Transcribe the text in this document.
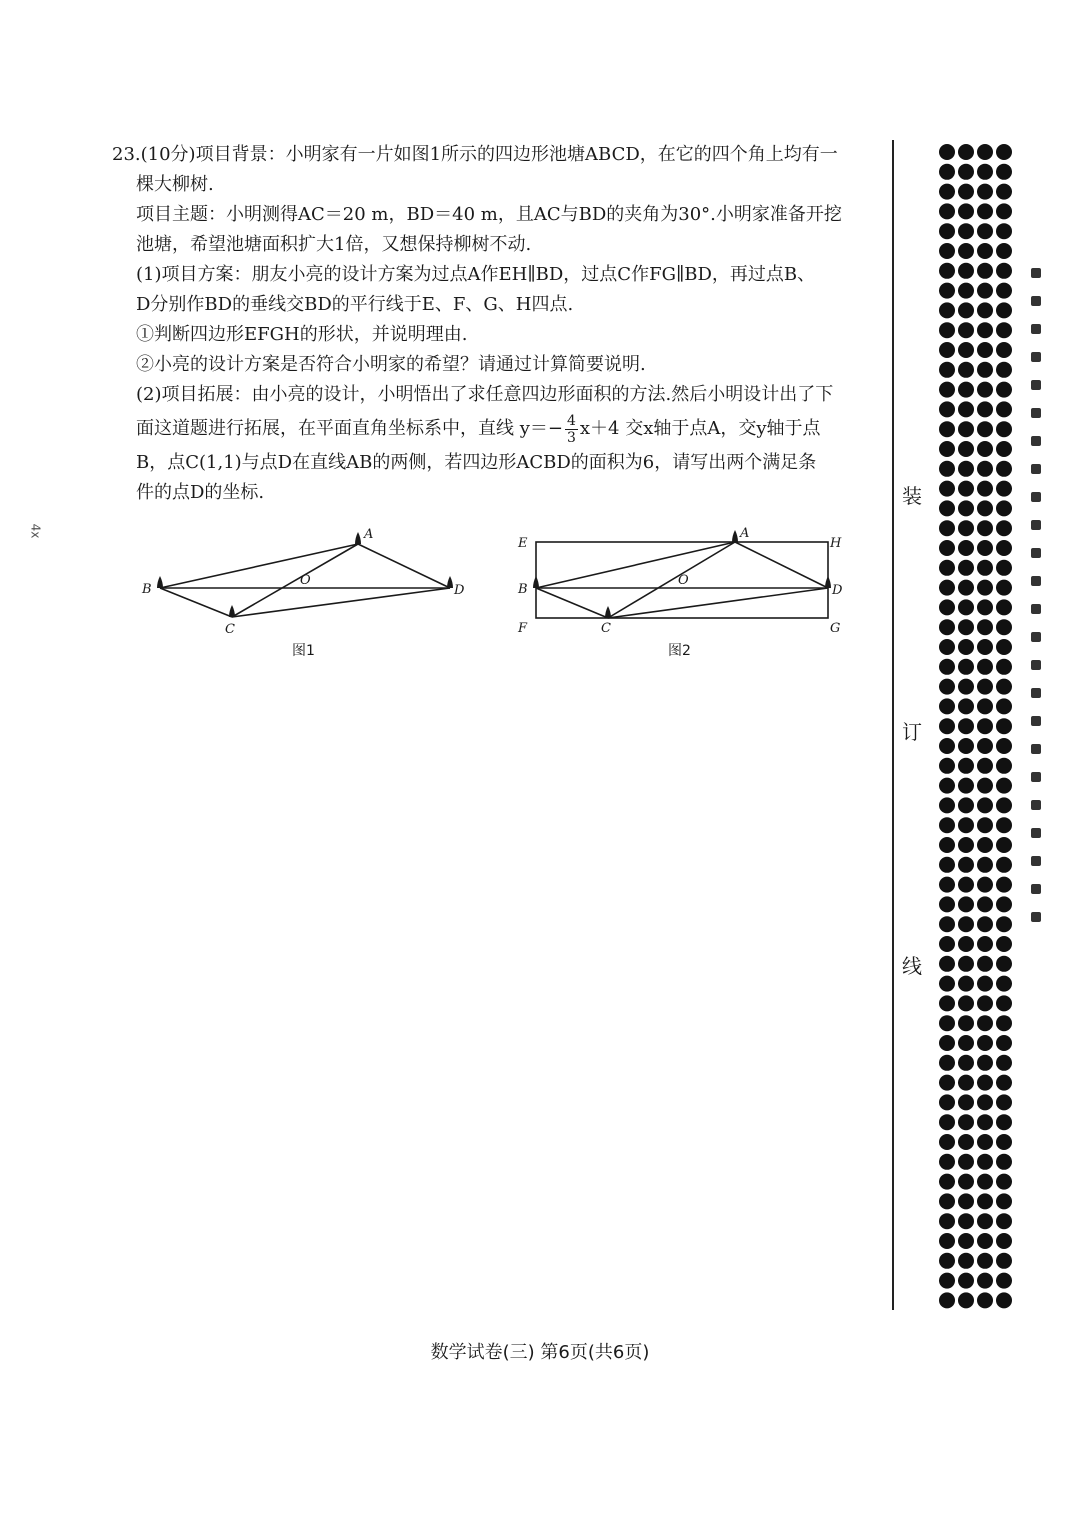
23.(10分)项目背景：小明家有一片如图1所示的四边形池塘ABCD，在它的四个角上均有一

棵大柳树.

项目主题：小明测得AC＝20 m，BD＝40 m，且AC与BD的夹角为30°.小明家准备开挖

池塘，希望池塘面积扩大1倍，又想保持柳树不动.

(1)项目方案：朋友小亮的设计方案为过点A作EH∥BD，过点C作FG∥BD，再过点B、

D分别作BD的垂线交BD的平行线于E、F、G、H四点.

①判断四边形EFGH的形状，并说明理由.

②小亮的设计方案是否符合小明家的希望？请通过计算简要说明.

(2)项目拓展：由小亮的设计，小明悟出了求任意四边形面积的方法.然后小明设计出了下

面这道题进行拓展，在平面直角坐标系中，直线 $y=- \frac{4}{3} x+4$ 交x轴于点A，交y轴于点

B，点C(1,1)与点D在直线AB的两侧，若四边形ACBD的面积为6，请写出两个满足条

件的点D的坐标.

4x	A
B
C
D
O
图1
A
B
C
D
O
E
F	G
H
图2
装
订
线
数学试卷(三) 第6页(共6页)
